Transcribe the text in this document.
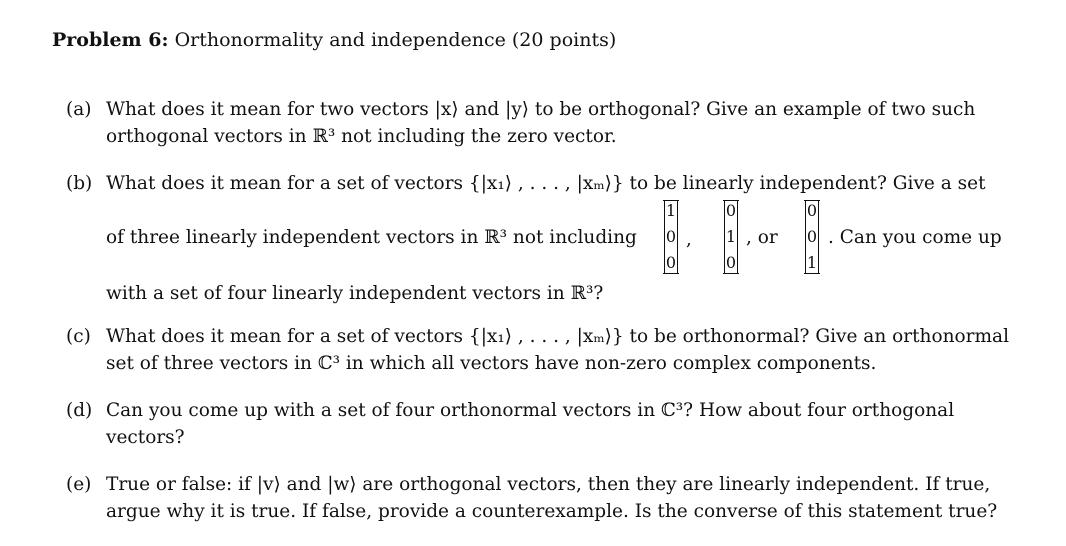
Problem 6: Orthonormality and independence (20 points)
(a) What does it mean for two vectors |x⟩ and |y⟩ to be orthogonal? Give an example of two such
orthogonal vectors in ℝ³ not including the zero vector.
(b) What does it mean for a set of vectors {|x₁⟩ , . . . , |xₘ⟩} to be linearly independent? Give a set
of three linearly independent vectors in ℝ³ not including
1
0
0
,
0
1
0
, or
0
0
1
. Can you come up
with a set of four linearly independent vectors in ℝ³?
(c) What does it mean for a set of vectors {|x₁⟩ , . . . , |xₘ⟩} to be orthonormal? Give an orthonormal
set of three vectors in ℂ³ in which all vectors have non-zero complex components.
(d) Can you come up with a set of four orthonormal vectors in ℂ³? How about four orthogonal
vectors?
(e) True or false: if |v⟩ and |w⟩ are orthogonal vectors, then they are linearly independent. If true,
argue why it is true. If false, provide a counterexample. Is the converse of this statement true?
